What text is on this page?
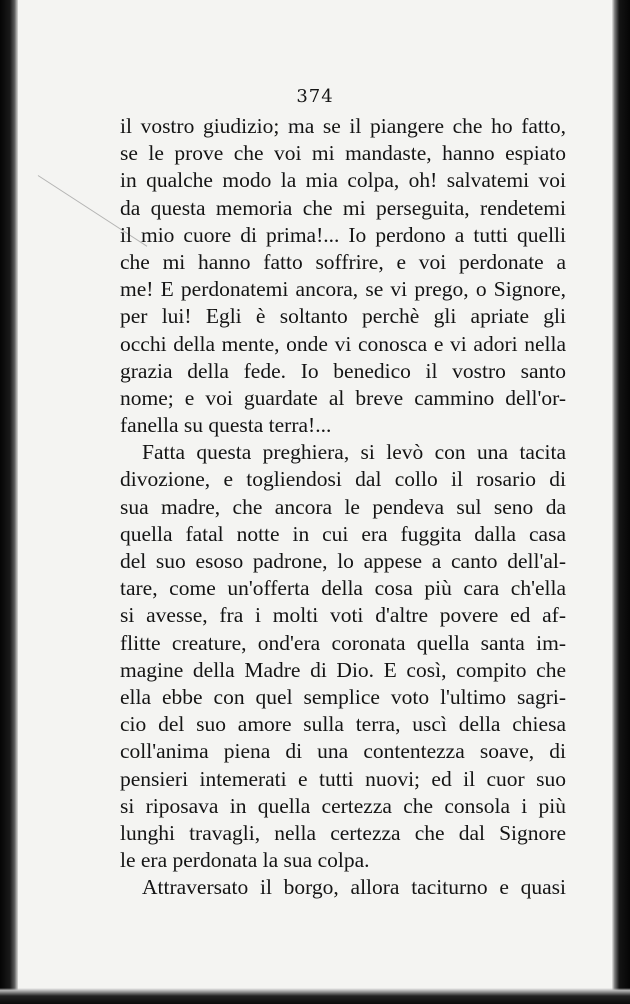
374
il vostro giudizio; ma se il piangere che ho fatto,
se le prove che voi mi mandaste, hanno espiato
in qualche modo la mia colpa, oh! salvatemi voi
da questa memoria che mi perseguita, rendetemi
il mio cuore di prima!... Io perdono a tutti quelli
che mi hanno fatto soffrire, e voi perdonate a
me! E perdonatemi ancora, se vi prego, o Signore,
per lui! Egli è soltanto perchè gli apriate gli
occhi della mente, onde vi conosca e vi adori nella
grazia della fede. Io benedico il vostro santo
nome; e voi guardate al breve cammino dell'or-
fanella su questa terra!...
Fatta questa preghiera, si levò con una tacita
divozione, e togliendosi dal collo il rosario di
sua madre, che ancora le pendeva sul seno da
quella fatal notte in cui era fuggita dalla casa
del suo esoso padrone, lo appese a canto dell'al-
tare, come un'offerta della cosa più cara ch'ella
si avesse, fra i molti voti d'altre povere ed af-
flitte creature, ond'era coronata quella santa im-
magine della Madre di Dio. E così, compito che
ella ebbe con quel semplice voto l'ultimo sagri-
cio del suo amore sulla terra, uscì della chiesa
coll'anima piena di una contentezza soave, di
pensieri intemerati e tutti nuovi; ed il cuor suo
si riposava in quella certezza che consola i più
lunghi travagli, nella certezza che dal Signore
le era perdonata la sua colpa.
Attraversato il borgo, allora taciturno e quasi
